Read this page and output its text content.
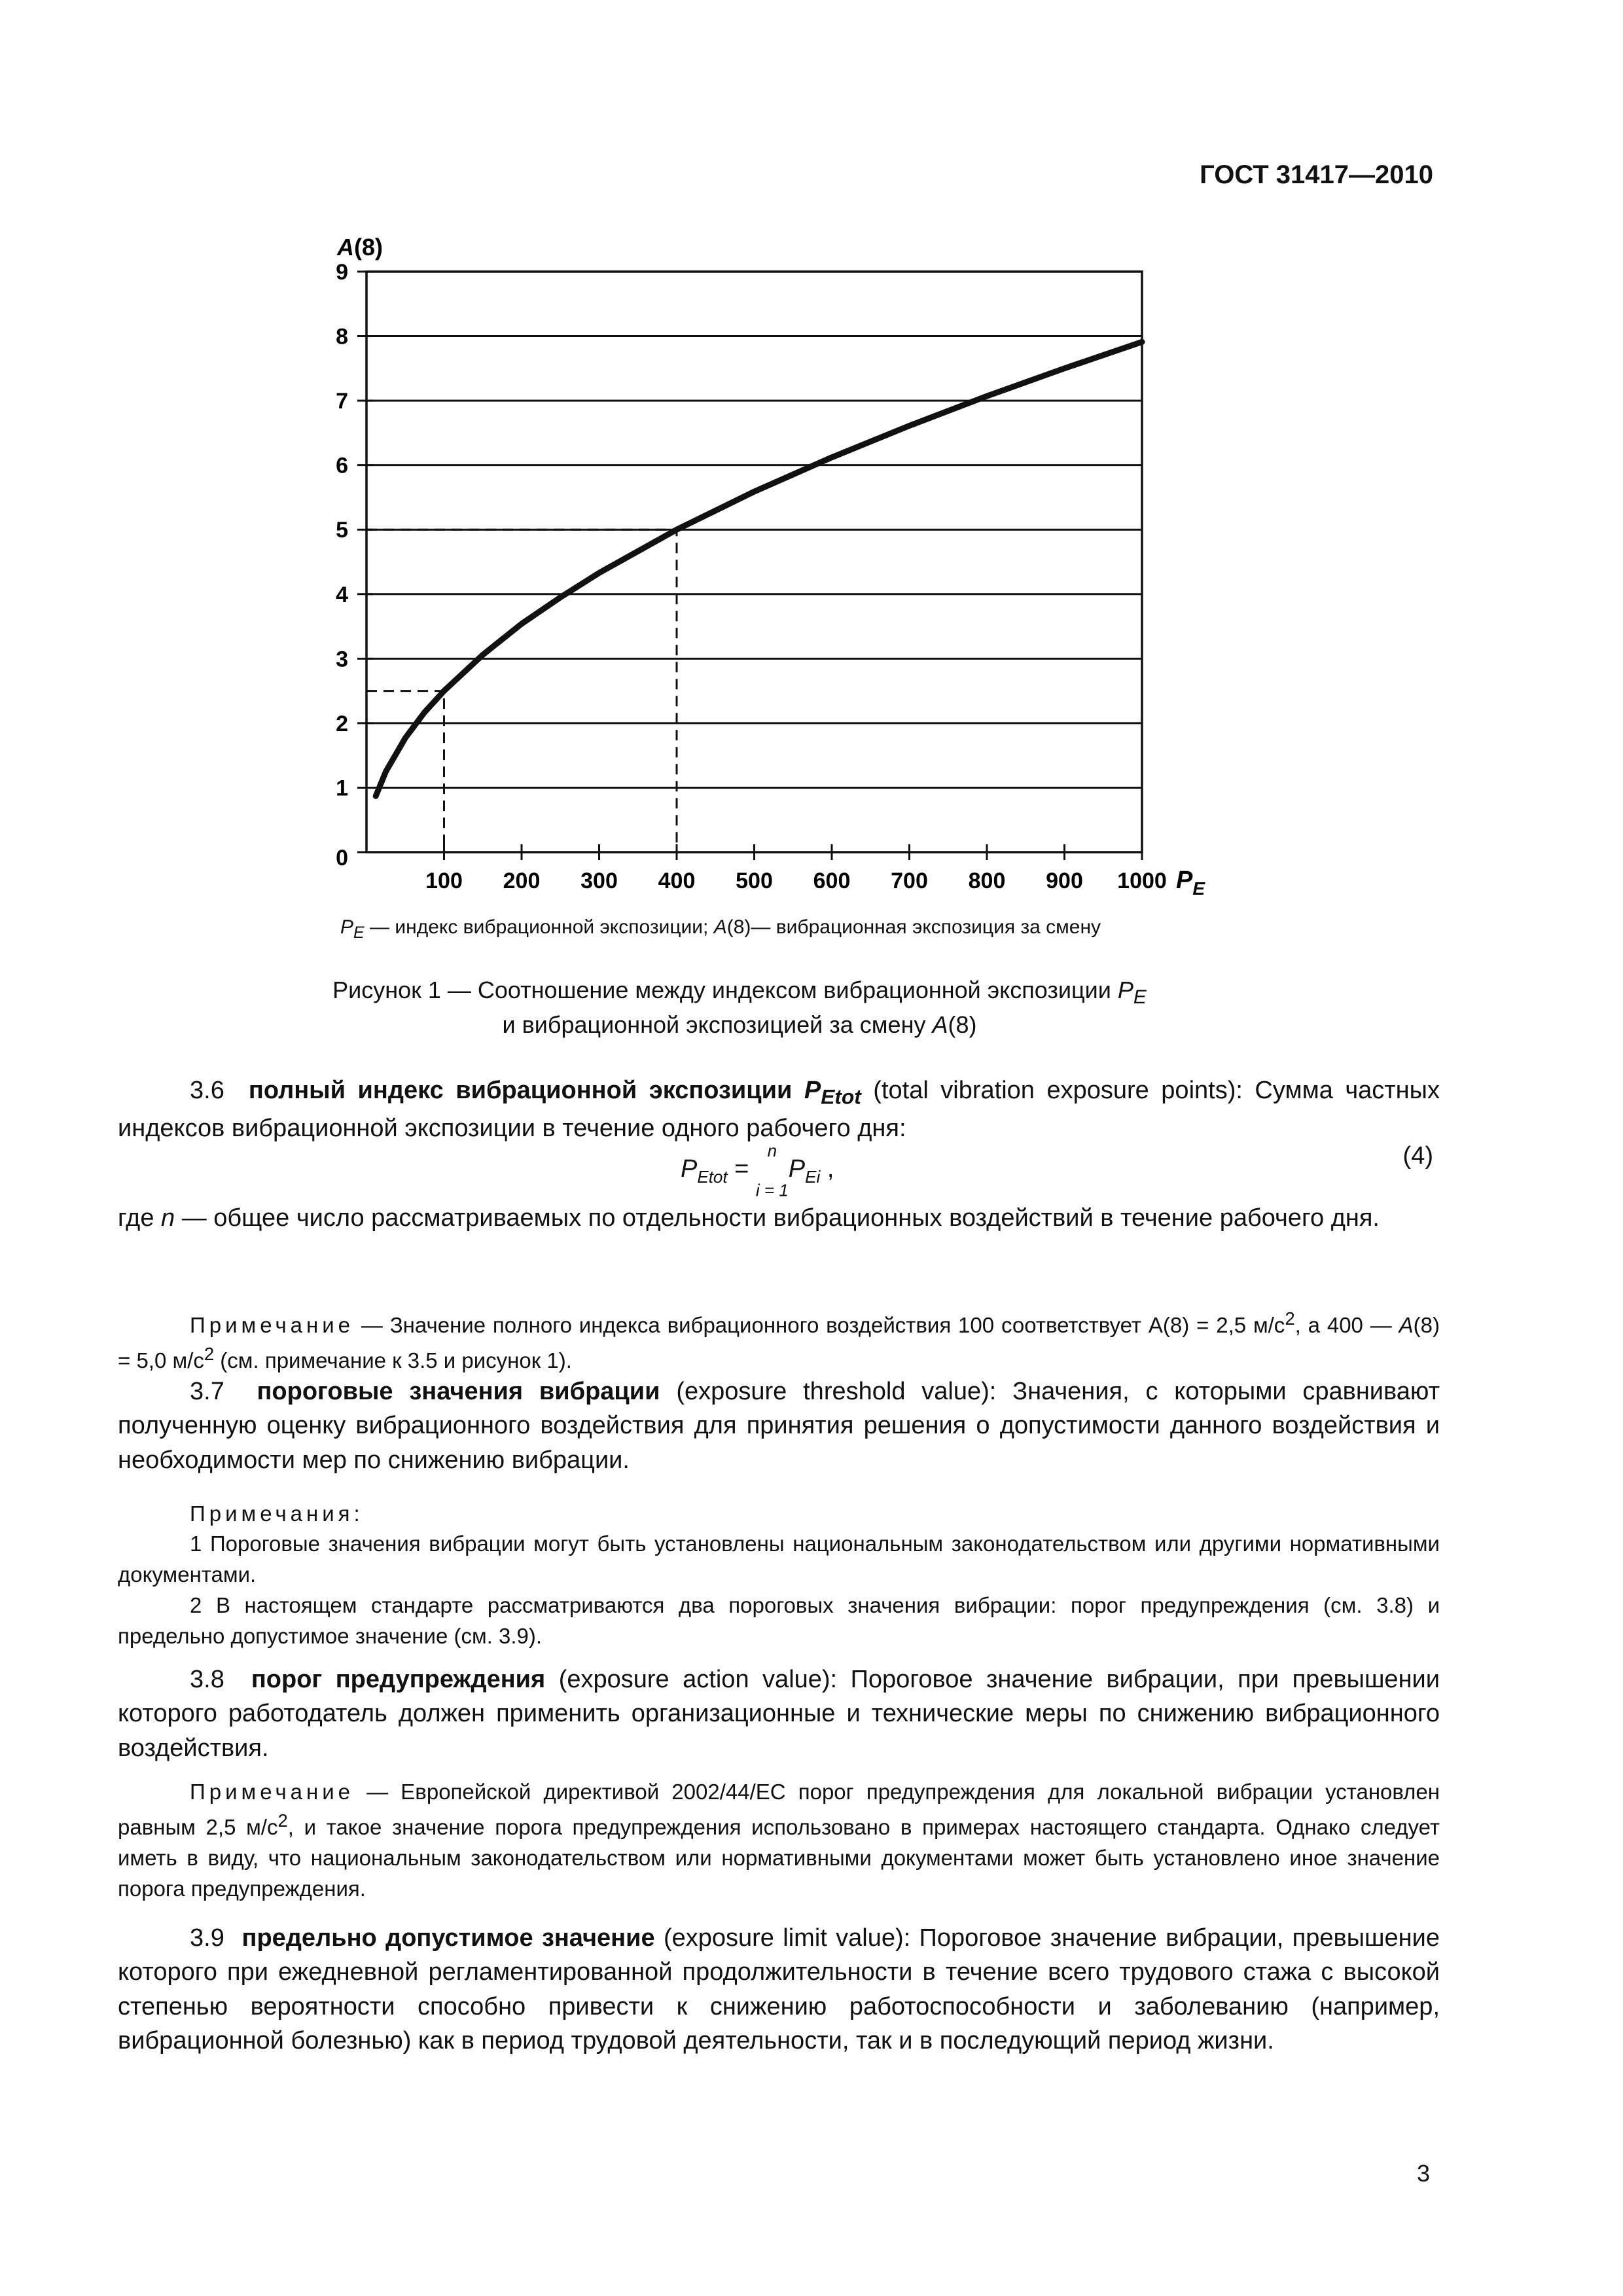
ГОСТ 31417—2010
100 200 300 400 500 600 700 800 900 1000
0
1
2
3
4
5
6
7
8
9
A(8)
$P_E$
$P_E$ — индекс вибрационной экспозиции; A(8)— вибрационная экспозиция за смену
Рисунок 1 — Соотношение между индексом вибрационной экспозиции $P_E$
и вибрационной экспозицией за смену A(8)
3.6 полный индекс вибрационной экспозиции $P_{Etot}$ (total vibration exposure points): Сумма частных индексов вибрационной экспозиции в течение одного рабочего дня:
$P_{Etot} = ^n$
$_{i = 1}P_{Ei}$ ,	(4)
где n — общее число рассматриваемых по отдельности вибрационных воздействий в течение рабочего дня.
Примечание — Значение полного индекса вибрационного воздействия 100 соответствует A(8) = 2,5 $м/с^2$, а 400 — A(8) = 5,0 $м/с^2$ (см. примечание к 3.5 и рисунок 1).
3.7 пороговые значения вибрации (exposure threshold value): Значения, с которыми сравнивают полученную оценку вибрационного воздействия для принятия решения о допустимости данного воздействия и необходимости мер по снижению вибрации.
Примечания:
1 Пороговые значения вибрации могут быть установлены национальным законодательством или другими нормативными документами.
2 В настоящем стандарте рассматриваются два пороговых значения вибрации: порог предупреждения (см. 3.8) и предельно допустимое значение (см. 3.9).
3.8 порог предупреждения (exposure action value): Пороговое значение вибрации, при превышении которого работодатель должен применить организационные и технические меры по снижению вибрационного воздействия.
Примечание — Европейской директивой 2002/44/ЕС порог предупреждения для локальной вибрации установлен равным 2,5 $м/с^2$, и такое значение порога предупреждения использовано в примерах настоящего стандарта. Однако следует иметь в виду, что национальным законодательством или нормативными документами может быть установлено иное значение порога предупреждения.
3.9 предельно допустимое значение (exposure limit value): Пороговое значение вибрации, превышение которого при ежедневной регламентированной продолжительности в течение всего трудового стажа с высокой степенью вероятности способно привести к снижению работоспособности и заболеванию (например, вибрационной болезнью) как в период трудовой деятельности, так и в последующий период жизни.
3
